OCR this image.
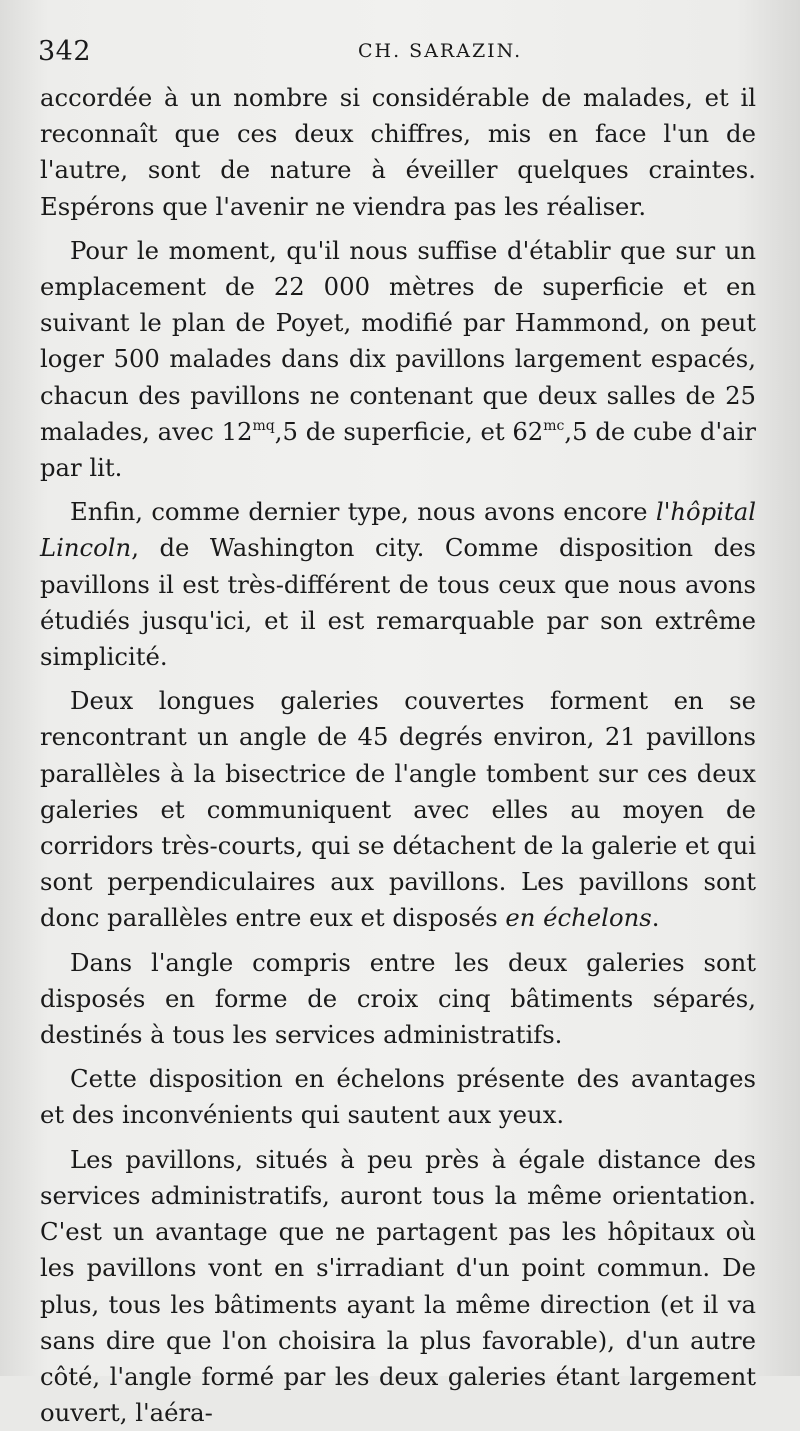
342	CH. SARAZIN.

accordée à un nombre si considérable de malades, et il reconnaît que ces deux chiffres, mis en face l'un de l'autre, sont de nature à éveiller quelques craintes. Espérons que l'avenir ne viendra pas les réaliser.

Pour le moment, qu'il nous suffise d'établir que sur un emplacement de 22 000 mètres de superficie et en suivant le plan de Poyet, modifié par Hammond, on peut loger 500 malades dans dix pavillons largement espacés, chacun des pavillons ne contenant que deux salles de 25 malades, avec $12^{mq},5$ de superficie, et $62^{mc},5$ de cube d'air par lit.

Enfin, comme dernier type, nous avons encore l'hôpital Lincoln, de Washington city. Comme disposition des pavillons il est très-différent de tous ceux que nous avons étudiés jusqu'ici, et il est remarquable par son extrême simplicité.

Deux longues galeries couvertes forment en se rencontrant un angle de 45 degrés environ, 21 pavillons parallèles à la bisectrice de l'angle tombent sur ces deux galeries et communiquent avec elles au moyen de corridors très-courts, qui se détachent de la galerie et qui sont perpendiculaires aux pavillons. Les pavillons sont donc parallèles entre eux et disposés en échelons.

Dans l'angle compris entre les deux galeries sont disposés en forme de croix cinq bâtiments séparés, destinés à tous les services administratifs.

Cette disposition en échelons présente des avantages et des inconvénients qui sautent aux yeux.

Les pavillons, situés à peu près à égale distance des services administratifs, auront tous la même orientation. C'est un avantage que ne partagent pas les hôpitaux où les pavillons vont en s'irradiant d'un point commun. De plus, tous les bâtiments ayant la même direction (et il va sans dire que l'on choisira la plus favorable), d'un autre côté, l'angle formé par les deux galeries étant largement ouvert, l'aéra-
